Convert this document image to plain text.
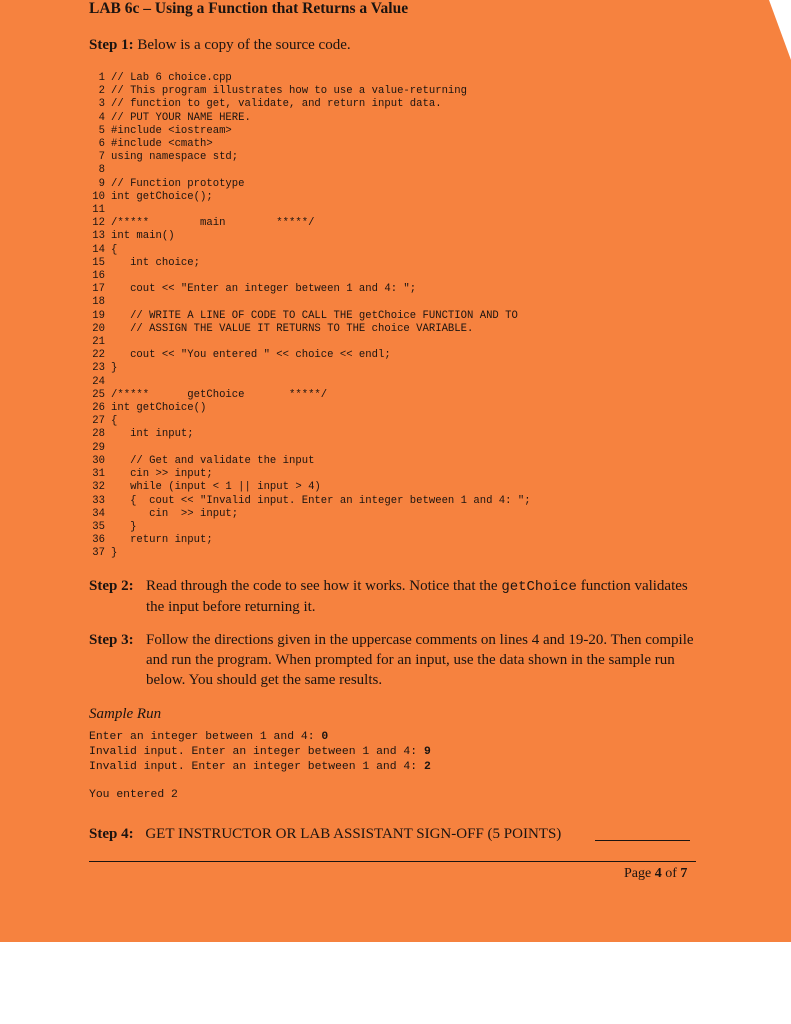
LAB 6c – Using a Function that Returns a Value
Step 1: Below is a copy of the source code.
1 // Lab 6 choice.cpp
2 // This program illustrates how to use a value-returning
3 // function to get, validate, and return input data.
4 // PUT YOUR NAME HERE.
5 #include <iostream>
6 #include <cmath>
7 using namespace std;
8
9 // Function prototype
10 int getChoice();
11
12 /*****        main        *****/
13 int main()
14 {
15   int choice;
16
17   cout << "Enter an integer between 1 and 4: ";
18
19   // WRITE A LINE OF CODE TO CALL THE getChoice FUNCTION AND TO
20   // ASSIGN THE VALUE IT RETURNS TO THE choice VARIABLE.
21
22   cout << "You entered " << choice << endl;
23 }
24
25 /*****      getChoice       *****/
26 int getChoice()
27 {
28   int input;
29
30   // Get and validate the input
31   cin >> input;
32   while (input < 1 || input > 4)
33   {  cout << "Invalid input. Enter an integer between 1 and 4: ";
34      cin  >> input;
35   }
36   return input;
37 }
Step 2: Read through the code to see how it works. Notice that the getChoice function validates the input before returning it.
Step 3: Follow the directions given in the uppercase comments on lines 4 and 19-20. Then compile and run the program. When prompted for an input, use the data shown in the sample run below. You should get the same results.
Sample Run
Enter an integer between 1 and 4: 0
Invalid input. Enter an integer between 1 and 4: 9
Invalid input. Enter an integer between 1 and 4: 2
You entered 2
Step 4: GET INSTRUCTOR OR LAB ASSISTANT SIGN-OFF (5 POINTS)
Page 4 of 7
